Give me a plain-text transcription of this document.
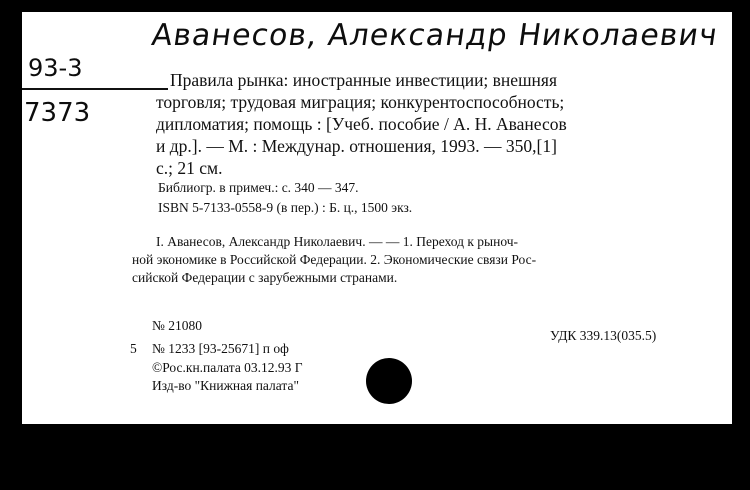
Аванесов, Александр Николаевич
93-3
7373
Правила рынка: иностранные инвестиции; внешняя
торговля; трудовая миграция; конкурентоспособность;
дипломатия; помощь : [Учеб. пособие / А. Н. Аванесов
и др.]. — М. : Междунар. отношения, 1993. — 350,[1]
с.; 21 см.
Библиогр. в примеч.: с. 340 — 347.
ISBN 5-7133-0558-9 (в пер.) : Б. ц., 1500 экз.
I. Аванесов, Александр Николаевич. — — 1. Переход к рыноч-
ной экономике в Российской Федерации. 2. Экономические связи Рос-
сийской Федерации с зарубежными странами.
№ 21080
5 № 1233 [93-25671] п оф
УДК 339.13(035.5)
©Рос.кн.палата 03.12.93 Г
Изд-во "Книжная палата"
